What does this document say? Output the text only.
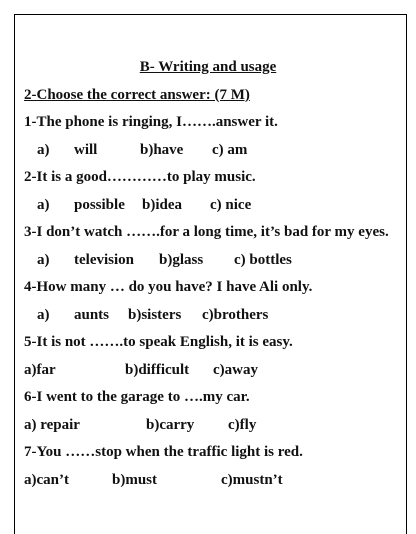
B- Writing and usage
2-Choose the correct answer: (7 M)
1-The phone is ringing, I…….answer it.
a) will	b)have c) am
2-It is a good…………to play music.
a) possible b)idea c) nice
3-I don’t watch …….for a long time, it’s bad for my eyes.
a) television b)glass c) bottles
4-How many … do you have? I have Ali only.
a) aunts b)sisters c)brothers
5-It is not …….to speak English, it is easy.
a)far	b)difficult c)away
6-I went to the garage to ….my car.
a) repair	b)carry c)fly
7-You ……stop when the traffic light is red.
a)can’t	b)must	c)mustn’t
